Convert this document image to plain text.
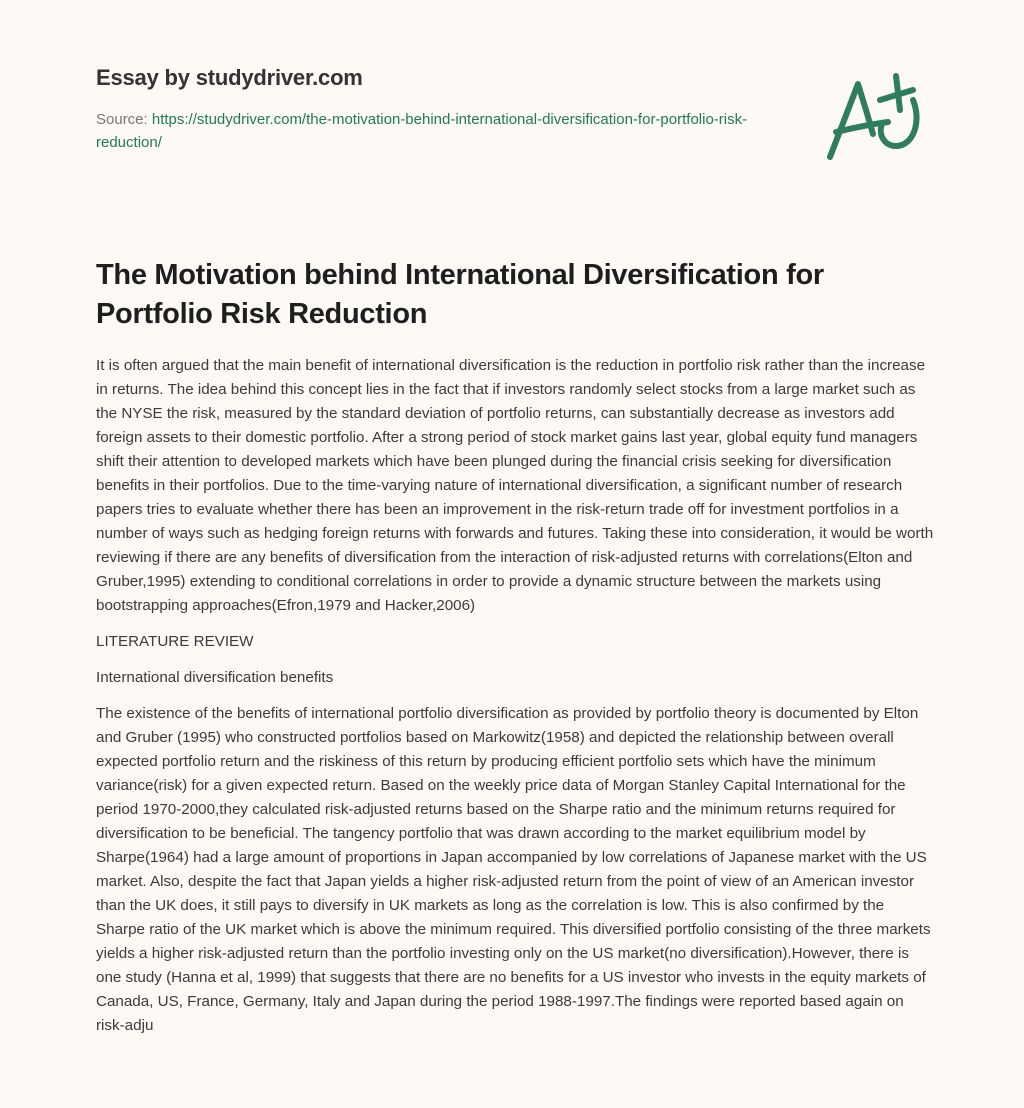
Essay by studydriver.com
Source: https://studydriver.com/the-motivation-behind-international-diversification-for-portfolio-risk-reduction/
The Motivation behind International Diversification for Portfolio Risk Reduction

It is often argued that the main benefit of international diversification is the reduction in portfolio risk rather than the increase in returns. The idea behind this concept lies in the fact that if investors randomly select stocks from a large market such as the NYSE the risk, measured by the standard deviation of portfolio returns, can substantially decrease as investors add foreign assets to their domestic portfolio. After a strong period of stock market gains last year, global equity fund managers shift their attention to developed markets which have been plunged during the financial crisis seeking for diversification benefits in their portfolios. Due to the time-varying nature of international diversification, a significant number of research papers tries to evaluate whether there has been an improvement in the risk-return trade off for investment portfolios in a number of ways such as hedging foreign returns with forwards and futures. Taking these into consideration, it would be worth reviewing if there are any benefits of diversification from the interaction of risk-adjusted returns with correlations(Elton and Gruber,1995) extending to conditional correlations in order to provide a dynamic structure between the markets using bootstrapping approaches(Efron,1979 and Hacker,2006)

LITERATURE REVIEW

International diversification benefits

The existence of the benefits of international portfolio diversification as provided by portfolio theory is documented by Elton and Gruber (1995) who constructed portfolios based on Markowitz(1958) and depicted the relationship between overall expected portfolio return and the riskiness of this return by producing efficient portfolio sets which have the minimum variance(risk) for a given expected return. Based on the weekly price data of Morgan Stanley Capital International for the period 1970-2000,they calculated risk-adjusted returns based on the Sharpe ratio and the minimum returns required for diversification to be beneficial. The tangency portfolio that was drawn according to the market equilibrium model by Sharpe(1964) had a large amount of proportions in Japan accompanied by low correlations of Japanese market with the US market. Also, despite the fact that Japan yields a higher risk-adjusted return from the point of view of an American investor than the UK does, it still pays to diversify in UK markets as long as the correlation is low. This is also confirmed by the Sharpe ratio of the UK market which is above the minimum required. This diversified portfolio consisting of the three markets yields a higher risk-adjusted return than the portfolio investing only on the US market(no diversification).However, there is one study (Hanna et al, 1999) that suggests that there are no benefits for a US investor who invests in the equity markets of Canada, US, France, Germany, Italy and Japan during the period 1988-1997.The findings were reported based again on risk-adju
